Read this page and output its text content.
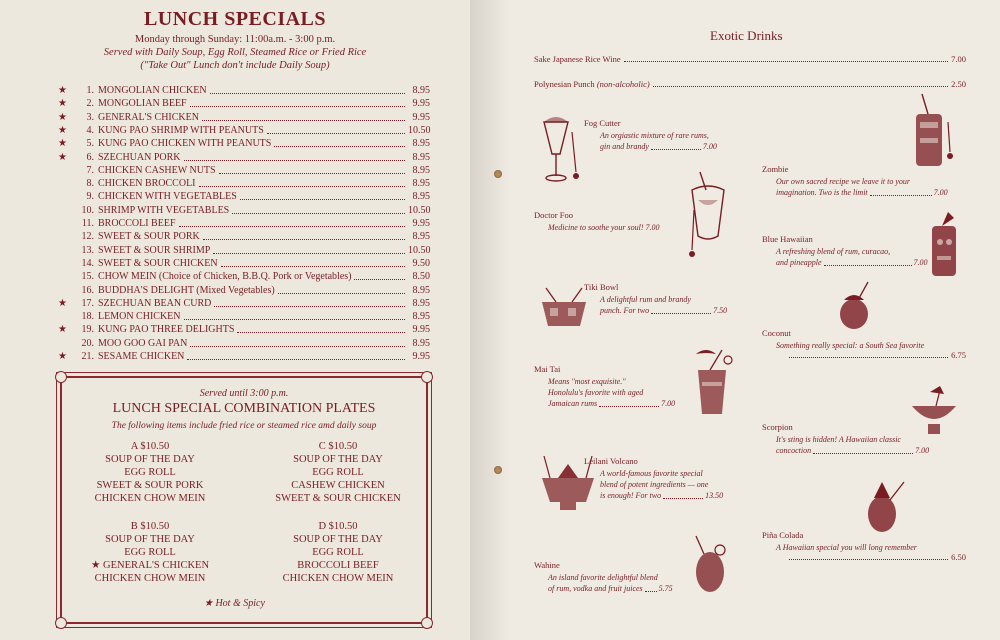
LUNCH SPECIALS
Monday through Sunday: 11:00a.m. - 3:00 p.m.
Served with Daily Soup, Egg Roll, Steamed Rice or Fried Rice
("Take Out" Lunch don't include Daily Soup)
★	1. MONGOLIAN CHICKEN	8.95
★	2. MONGOLIAN BEEF	9.95
★	3. GENERAL'S CHICKEN	9.95
★	4. KUNG PAO SHRIMP WITH PEANUTS	10.50
★	5. KUNG PAO CHICKEN WITH PEANUTS	8.95
★	6. SZECHUAN PORK	8.95
7. CHICKEN CASHEW NUTS	8.95
8. CHICKEN BROCCOLI	8.95
9. CHICKEN WITH VEGETABLES	8.95
10. SHRIMP WITH VEGETABLES	10.50
11. BROCCOLI BEEF	9.95
12. SWEET & SOUR PORK	8.95
13. SWEET & SOUR SHRIMP	10.50
14. SWEET & SOUR CHICKEN	9.50
15. CHOW MEIN (Choice of Chicken, B.B.Q. Pork or Vegetables)	8.50
16. BUDDHA'S DELIGHT (Mixed Vegetables)	8.95
★	17. SZECHUAN BEAN CURD	8.95
18. LEMON CHICKEN	8.95
★	19. KUNG PAO THREE DELIGHTS	9.95
20. MOO GOO GAI PAN	8.95
★	21. SESAME CHICKEN	9.95
Served until 3:00 p.m.
LUNCH SPECIAL COMBINATION PLATES
The following items include fried rice or steamed rice amd daily soup
A $10.50
SOUP OF THE DAY
EGG ROLL
SWEET & SOUR PORK
CHICKEN CHOW MEIN
C $10.50
SOUP OF THE DAY
EGG ROLL
CASHEW CHICKEN
SWEET & SOUR CHICKEN
B $10.50
SOUP OF THE DAY
EGG ROLL
★ GENERAL'S CHICKEN
CHICKEN CHOW MEIN
D $10.50
SOUP OF THE DAY
EGG ROLL
BROCCOLI BEEF
CHICKEN CHOW MEIN
★ Hot & Spicy
Exotic Drinks
Sake Japanese Rice Wine	7.00
Polynesian Punch
(non-alcoholic)	2.50
Fog Cutter
An orgiastic mixture of rare rums,
gin and brandy	7.00
Zombie
Our own sacred recipe we leave it to your
imagination. Two is the limit	7.00
Doctor Foo
Medicine to soothe your soul! 7.00
Blue Hawaiian
A refreshing blend of rum, curacao,
and pineapple	7.00
Tiki Bowl
A delightful rum and brandy
punch. For two	7.50
Coconut
Something really special: a South Sea favorite
6.75
Mai Tai
Means "most exquisite."
Honolulu's favorite with aged
Jamaican rums	7.00
Scorpion
It's sting is hidden! A Hawaiian classic
concoction	7.00
Leilani Volcano
A world-famous favorite special
blend of potent ingredients — one
is enough! For two	13.50
Piña Colada
A Hawaiian special you will long remember
6.50
Wahine
An island favorite delightful blend
of rum, vodka and fruit juices 5.75
